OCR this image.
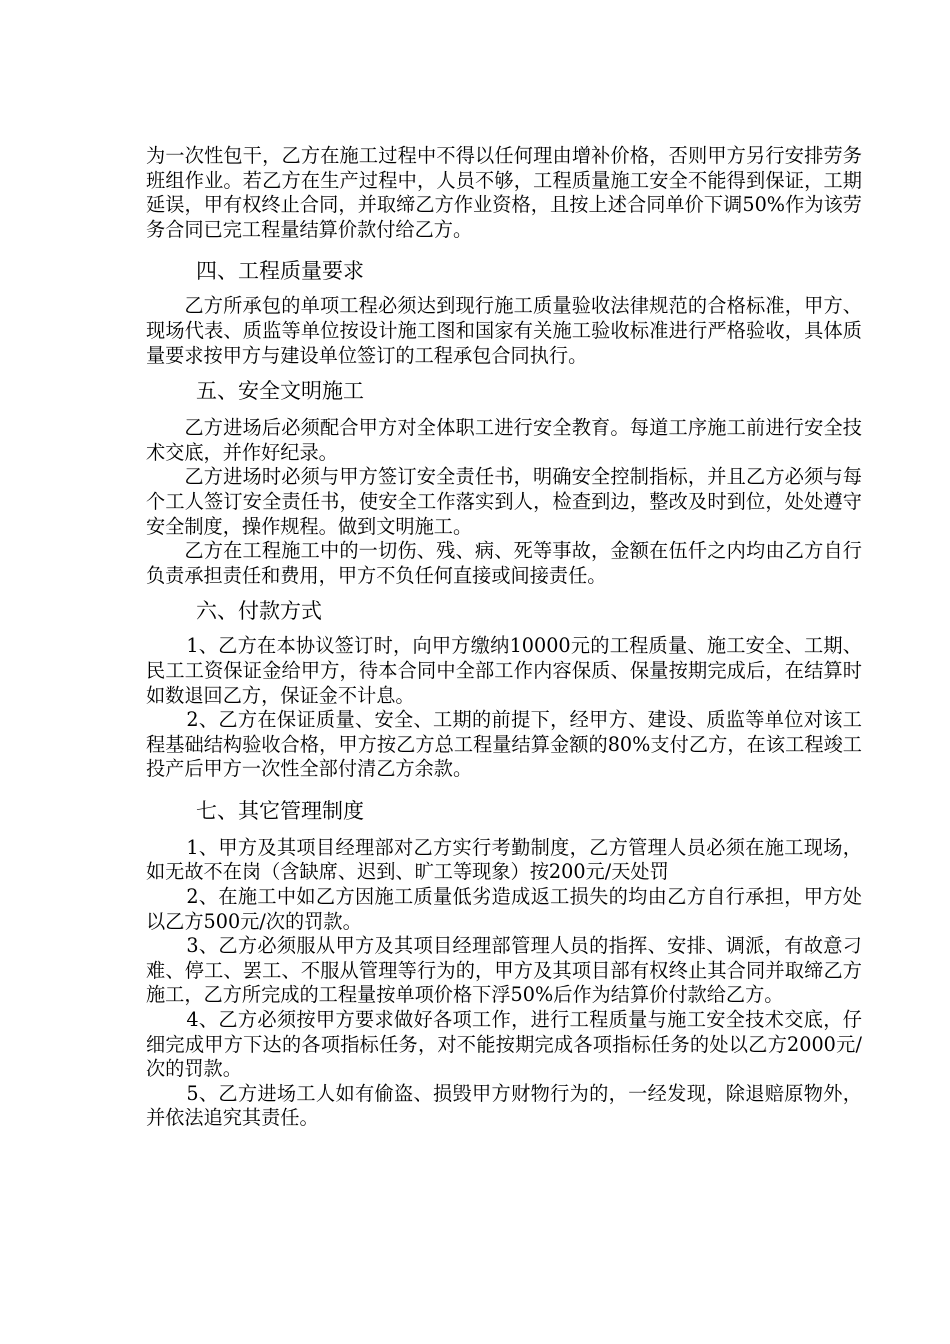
为一次性包干，乙方在施工过程中不得以任何理由增补价格，否则甲方另行安排劳务班组作业。若乙方在生产过程中，人员不够，工程质量施工安全不能得到保证，工期延误，甲有权终止合同，并取缔乙方作业资格，且按上述合同单价下调50%作为该劳务合同已完工程量结算价款付给乙方。

四、工程质量要求

乙方所承包的单项工程必须达到现行施工质量验收法律规范的合格标准，甲方、现场代表、质监等单位按设计施工图和国家有关施工验收标准进行严格验收，具体质量要求按甲方与建设单位签订的工程承包合同执行。

五、安全文明施工

乙方进场后必须配合甲方对全体职工进行安全教育。每道工序施工前进行安全技术交底，并作好纪录。

乙方进场时必须与甲方签订安全责任书，明确安全控制指标，并且乙方必须与每个工人签订安全责任书，使安全工作落实到人，检查到边，整改及时到位，处处遵守安全制度，操作规程。做到文明施工。

乙方在工程施工中的一切伤、残、病、死等事故，金额在伍仟之内均由乙方自行负责承担责任和费用，甲方不负任何直接或间接责任。

六、付款方式

1、乙方在本协议签订时，向甲方缴纳10000元的工程质量、施工安全、工期、民工工资保证金给甲方，待本合同中全部工作内容保质、保量按期完成后，在结算时如数退回乙方，保证金不计息。

2、乙方在保证质量、安全、工期的前提下，经甲方、建设、质监等单位对该工程基础结构验收合格，甲方按乙方总工程量结算金额的80%支付乙方，在该工程竣工投产后甲方一次性全部付清乙方余款。

七、其它管理制度

1、甲方及其项目经理部对乙方实行考勤制度，乙方管理人员必须在施工现场，如无故不在岗（含缺席、迟到、旷工等现象）按200元/天处罚

2、在施工中如乙方因施工质量低劣造成返工损失的均由乙方自行承担，甲方处以乙方500元/次的罚款。

3、乙方必须服从甲方及其项目经理部管理人员的指挥、安排、调派，有故意刁难、停工、罢工、不服从管理等行为的，甲方及其项目部有权终止其合同并取缔乙方施工，乙方所完成的工程量按单项价格下浮50%后作为结算价付款给乙方。

4、乙方必须按甲方要求做好各项工作，进行工程质量与施工安全技术交底，仔细完成甲方下达的各项指标任务，对不能按期完成各项指标任务的处以乙方2000元/次的罚款。

5、乙方进场工人如有偷盗、损毁甲方财物行为的，一经发现，除退赔原物外，并依法追究其责任。
